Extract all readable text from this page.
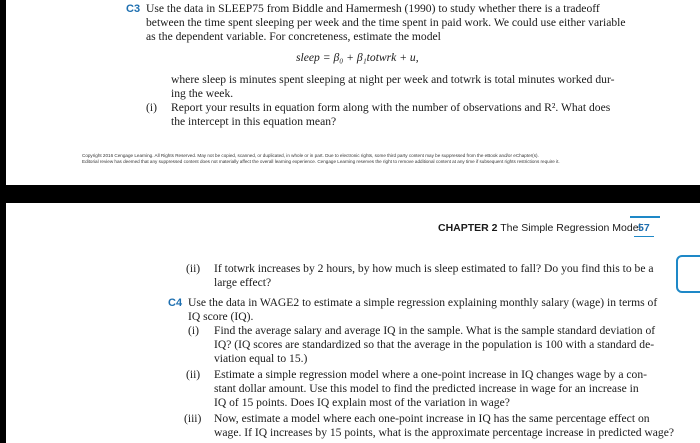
C3 Use the data in SLEEP75 from Biddle and Hamermesh (1990) to study whether there is a tradeoff
between the time spent sleeping per week and the time spent in paid work. We could use either variable
as the dependent variable. For concreteness, estimate the model
sleep = β₀ + β₁totwrk + u,
where sleep is minutes spent sleeping at night per week and totwrk is total minutes worked dur-
ing the week.
(i) Report your results in equation form along with the number of observations and R². What does
the intercept in this equation mean?
Copyright 2016 Cengage Learning. All Rights Reserved. May not be copied, scanned, or duplicated, in whole or in part. Due to electronic rights, some third party content may be suppressed from the eBook and/or eChapter(s).
Editorial review has deemed that any suppressed content does not materially affect the overall learning experience. Cengage Learning reserves the right to remove additional content at any time if subsequent rights restrictions require it.
CHAPTER 2 The Simple Regression Model
57
(ii) If totwrk increases by 2 hours, by how much is sleep estimated to fall? Do you find this to be a
large effect?
C4 Use the data in WAGE2 to estimate a simple regression explaining monthly salary (wage) in terms of
IQ score (IQ).
(i) Find the average salary and average IQ in the sample. What is the sample standard deviation of
IQ? (IQ scores are standardized so that the average in the population is 100 with a standard de-
viation equal to 15.)
(ii) Estimate a simple regression model where a one-point increase in IQ changes wage by a con-
stant dollar amount. Use this model to find the predicted increase in wage for an increase in
IQ of 15 points. Does IQ explain most of the variation in wage?
(iii) Now, estimate a model where each one-point increase in IQ has the same percentage effect on
wage. If IQ increases by 15 points, what is the approximate percentage increase in predicted wage?
